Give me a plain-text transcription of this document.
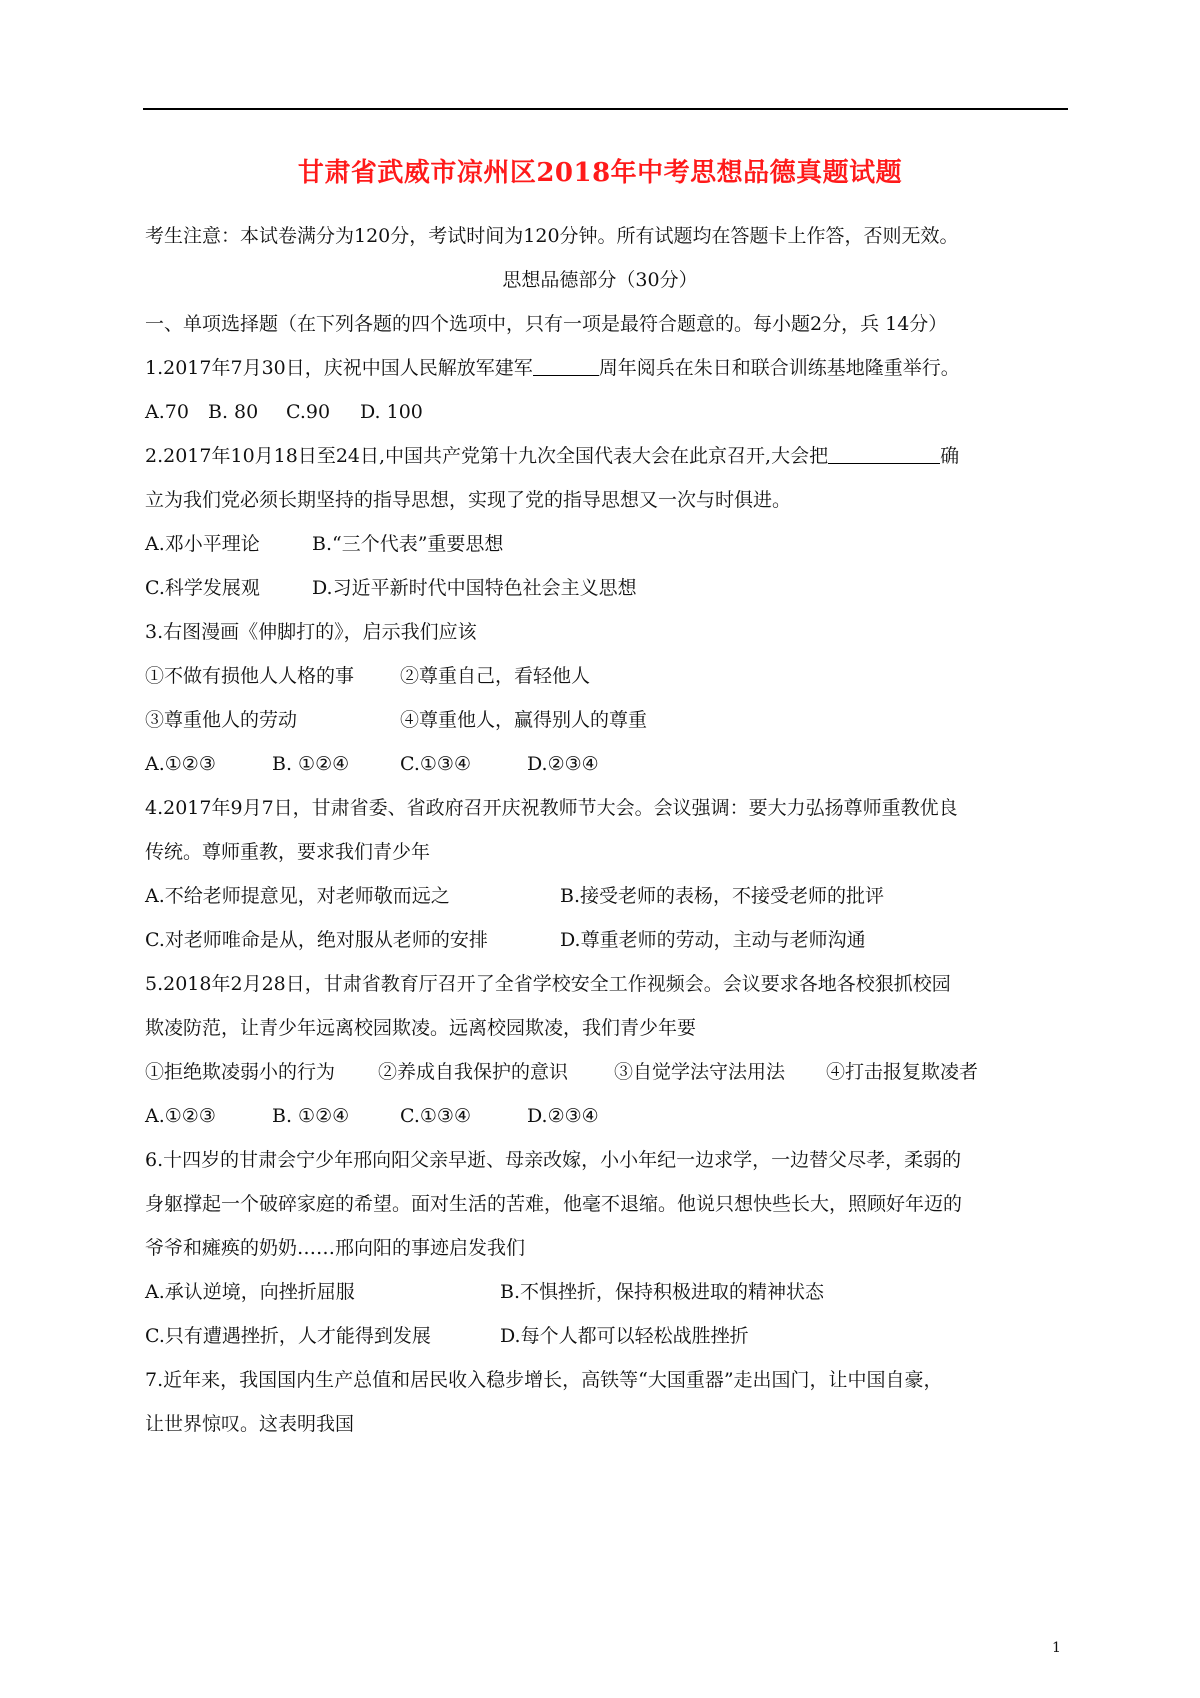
甘肃省武威市凉州区2018年中考思想品德真题试题
考生注意：本试卷满分为120分，考试时间为120分钟。所有试题均在答题卡上作答，否则无效。
思想品德部分（30分）
一、单项选择题（在下列各题的四个选项中，只有一项是最符合题意的。每小题2分，兵 14分）
1.2017年7月30日，庆祝中国人民解放军建军	周年阅兵在朱日和联合训练基地隆重举行。
A.70 B. 80 C.90 D. 100
2.2017年10月18日至24日,中国共产党第十九次全国代表大会在此京召开,大会把	确
立为我们党必须长期坚持的指导思想，实现了党的指导思想又一次与时俱进。
A.邓小平理论	B.“三个代表”重要思想
C.科学发展观	D.习近平新时代中国特色社会主义思想
3.右图漫画《伸脚打的》，启示我们应该
①不做有损他人人格的事 ②尊重自己，看轻他人
③尊重他人的劳动	④尊重他人，赢得别人的尊重
A.①②③	B. ①②④	C.①③④	D.②③④
4.2017年9月7日，甘肃省委、省政府召开庆祝教师节大会。会议强调：要大力弘扬尊师重教优良
传统。尊师重教，要求我们青少年
A.不给老师提意见，对老师敬而远之	B.接受老师的表杨，不接受老师的批评
C.对老师唯命是从，绝对服从老师的安排	D.尊重老师的劳动，主动与老师沟通
5.2018年2月28日，甘肃省教育厅召开了全省学校安全工作视频会。会议要求各地各校狠抓校园
欺凌防范，让青少年远离校园欺凌。远离校园欺凌，我们青少年要
①拒绝欺凌弱小的行为 ②养成自我保护的意识 ③自觉学法守法用法 ④打击报复欺凌者
A.①②③	B. ①②④	C.①③④	D.②③④
6.十四岁的甘肃会宁少年邢向阳父亲早逝、母亲改嫁，小小年纪一边求学，一边替父尽孝，柔弱的
身躯撑起一个破碎家庭的希望。面对生活的苦难，他毫不退缩。他说只想快些长大，照顾好年迈的
爷爷和瘫痪的奶奶……邢向阳的事迹启发我们
A.承认逆境，向挫折屈服	B.不惧挫折，保持积极进取的精神状态
C.只有遭遇挫折，人才能得到发展	D.每个人都可以轻松战胜挫折
7.近年来，我国国内生产总值和居民收入稳步增长，高铁等“大国重器”走出国门，让中国自豪，
让世界惊叹。这表明我国
1
